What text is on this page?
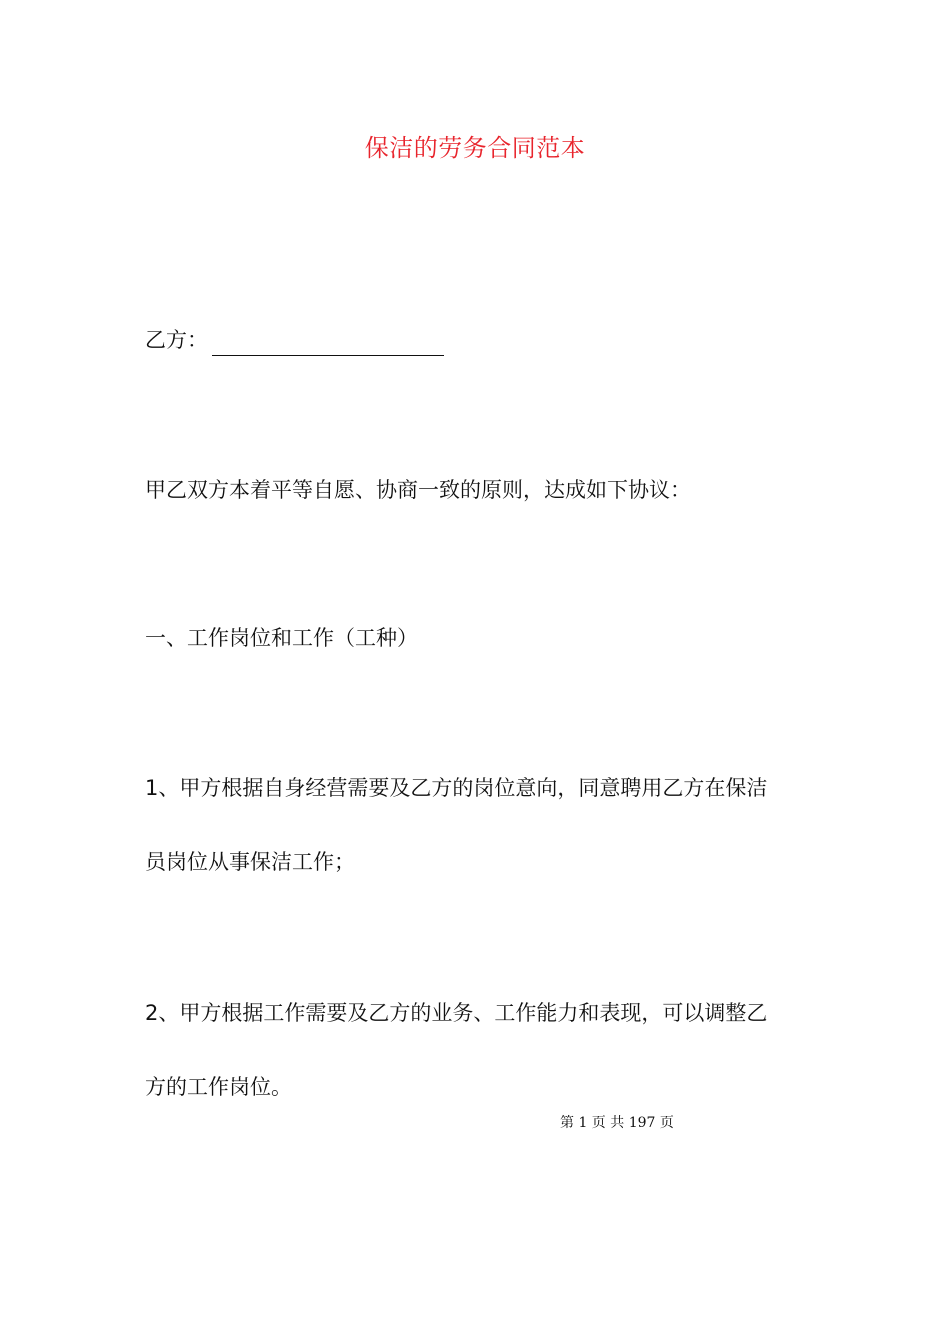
保洁的劳务合同范本
乙方：
甲乙双方本着平等自愿、协商一致的原则，达成如下协议：
一、工作岗位和工作（工种）
1、甲方根据自身经营需要及乙方的岗位意向，同意聘用乙方在保洁
员岗位从事保洁工作；
2、甲方根据工作需要及乙方的业务、工作能力和表现，可以调整乙
方的工作岗位。
第 1 页 共 197 页
